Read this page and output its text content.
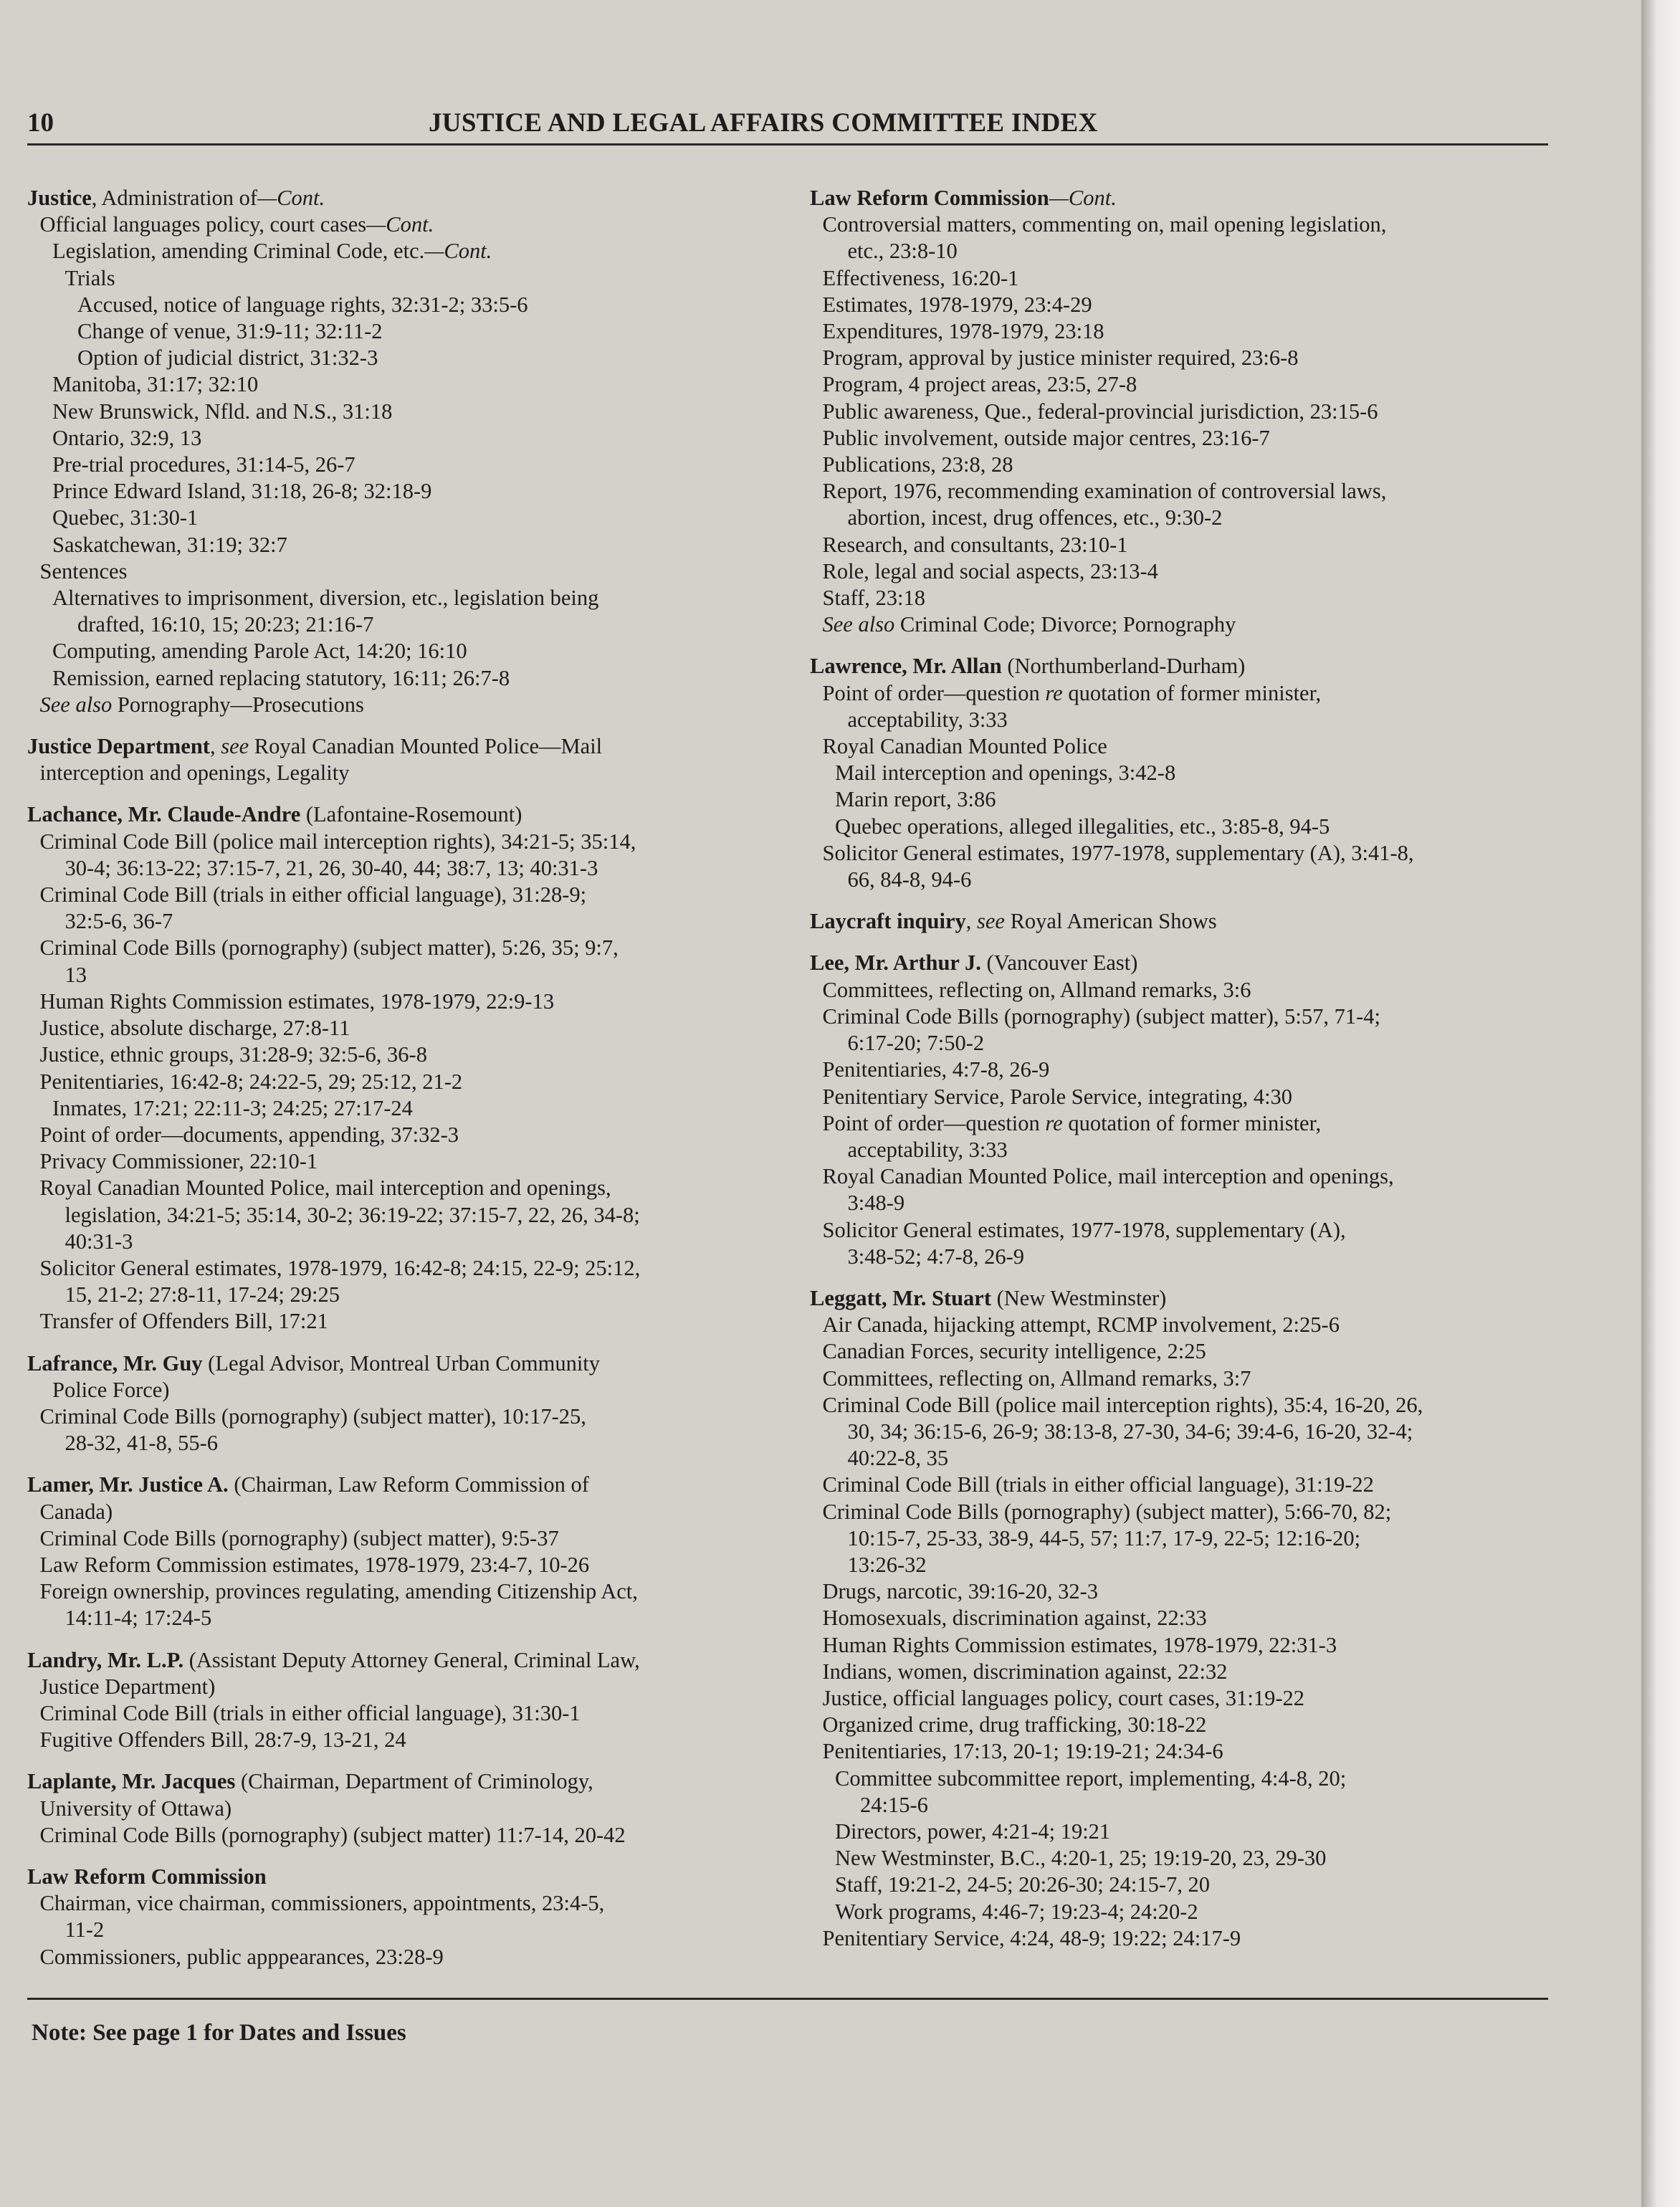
10	JUSTICE AND LEGAL AFFAIRS COMMITTEE INDEX
Justice, Administration of—Cont.
Official languages policy, court cases—Cont.
Legislation, amending Criminal Code, etc.—Cont.
Trials
Accused, notice of language rights, 32:31-2; 33:5-6
Change of venue, 31:9-11; 32:11-2
Option of judicial district, 31:32-3
Manitoba, 31:17; 32:10
New Brunswick, Nfld. and N.S., 31:18
Ontario, 32:9, 13
Pre-trial procedures, 31:14-5, 26-7
Prince Edward Island, 31:18, 26-8; 32:18-9
Quebec, 31:30-1
Saskatchewan, 31:19; 32:7
Sentences
Alternatives to imprisonment, diversion, etc., legislation being
drafted, 16:10, 15; 20:23; 21:16-7
Computing, amending Parole Act, 14:20; 16:10
Remission, earned replacing statutory, 16:11; 26:7-8
See also Pornography—Prosecutions
Justice Department, see Royal Canadian Mounted Police—Mail
interception and openings, Legality
Lachance, Mr. Claude-Andre (Lafontaine-Rosemount)
Criminal Code Bill (police mail interception rights), 34:21-5; 35:14,
30-4; 36:13-22; 37:15-7, 21, 26, 30-40, 44; 38:7, 13; 40:31-3
Criminal Code Bill (trials in either official language), 31:28-9;
32:5-6, 36-7
Criminal Code Bills (pornography) (subject matter), 5:26, 35; 9:7,
13
Human Rights Commission estimates, 1978-1979, 22:9-13
Justice, absolute discharge, 27:8-11
Justice, ethnic groups, 31:28-9; 32:5-6, 36-8
Penitentiaries, 16:42-8; 24:22-5, 29; 25:12, 21-2
Inmates, 17:21; 22:11-3; 24:25; 27:17-24
Point of order—documents, appending, 37:32-3
Privacy Commissioner, 22:10-1
Royal Canadian Mounted Police, mail interception and openings,
legislation, 34:21-5; 35:14, 30-2; 36:19-22; 37:15-7, 22, 26, 34-8;
40:31-3
Solicitor General estimates, 1978-1979, 16:42-8; 24:15, 22-9; 25:12,
15, 21-2; 27:8-11, 17-24; 29:25
Transfer of Offenders Bill, 17:21
Lafrance, Mr. Guy (Legal Advisor, Montreal Urban Community
Police Force)
Criminal Code Bills (pornography) (subject matter), 10:17-25,
28-32, 41-8, 55-6
Lamer, Mr. Justice A. (Chairman, Law Reform Commission of
Canada)
Criminal Code Bills (pornography) (subject matter), 9:5-37
Law Reform Commission estimates, 1978-1979, 23:4-7, 10-26
Foreign ownership, provinces regulating, amending Citizenship Act,
14:11-4; 17:24-5
Landry, Mr. L.P. (Assistant Deputy Attorney General, Criminal Law,
Justice Department)
Criminal Code Bill (trials in either official language), 31:30-1
Fugitive Offenders Bill, 28:7-9, 13-21, 24
Laplante, Mr. Jacques (Chairman, Department of Criminology,
University of Ottawa)
Criminal Code Bills (pornography) (subject matter) 11:7-14, 20-42
Law Reform Commission
Chairman, vice chairman, commissioners, appointments, 23:4-5,
11-2
Commissioners, public apppearances, 23:28-9
Law Reform Commission—Cont.
Controversial matters, commenting on, mail opening legislation,
etc., 23:8-10
Effectiveness, 16:20-1
Estimates, 1978-1979, 23:4-29
Expenditures, 1978-1979, 23:18
Program, approval by justice minister required, 23:6-8
Program, 4 project areas, 23:5, 27-8
Public awareness, Que., federal-provincial jurisdiction, 23:15-6
Public involvement, outside major centres, 23:16-7
Publications, 23:8, 28
Report, 1976, recommending examination of controversial laws,
abortion, incest, drug offences, etc., 9:30-2
Research, and consultants, 23:10-1
Role, legal and social aspects, 23:13-4
Staff, 23:18
See also Criminal Code; Divorce; Pornography
Lawrence, Mr. Allan (Northumberland-Durham)
Point of order—question re quotation of former minister,
acceptability, 3:33
Royal Canadian Mounted Police
Mail interception and openings, 3:42-8
Marin report, 3:86
Quebec operations, alleged illegalities, etc., 3:85-8, 94-5
Solicitor General estimates, 1977-1978, supplementary (A), 3:41-8,
66, 84-8, 94-6
Laycraft inquiry, see Royal American Shows
Lee, Mr. Arthur J. (Vancouver East)
Committees, reflecting on, Allmand remarks, 3:6
Criminal Code Bills (pornography) (subject matter), 5:57, 71-4;
6:17-20; 7:50-2
Penitentiaries, 4:7-8, 26-9
Penitentiary Service, Parole Service, integrating, 4:30
Point of order—question re quotation of former minister,
acceptability, 3:33
Royal Canadian Mounted Police, mail interception and openings,
3:48-9
Solicitor General estimates, 1977-1978, supplementary (A),
3:48-52; 4:7-8, 26-9
Leggatt, Mr. Stuart (New Westminster)
Air Canada, hijacking attempt, RCMP involvement, 2:25-6
Canadian Forces, security intelligence, 2:25
Committees, reflecting on, Allmand remarks, 3:7
Criminal Code Bill (police mail interception rights), 35:4, 16-20, 26,
30, 34; 36:15-6, 26-9; 38:13-8, 27-30, 34-6; 39:4-6, 16-20, 32-4;
40:22-8, 35
Criminal Code Bill (trials in either official language), 31:19-22
Criminal Code Bills (pornography) (subject matter), 5:66-70, 82;
10:15-7, 25-33, 38-9, 44-5, 57; 11:7, 17-9, 22-5; 12:16-20;
13:26-32
Drugs, narcotic, 39:16-20, 32-3
Homosexuals, discrimination against, 22:33
Human Rights Commission estimates, 1978-1979, 22:31-3
Indians, women, discrimination against, 22:32
Justice, official languages policy, court cases, 31:19-22
Organized crime, drug trafficking, 30:18-22
Penitentiaries, 17:13, 20-1; 19:19-21; 24:34-6
Committee subcommittee report, implementing, 4:4-8, 20;
24:15-6
Directors, power, 4:21-4; 19:21
New Westminster, B.C., 4:20-1, 25; 19:19-20, 23, 29-30
Staff, 19:21-2, 24-5; 20:26-30; 24:15-7, 20
Work programs, 4:46-7; 19:23-4; 24:20-2
Penitentiary Service, 4:24, 48-9; 19:22; 24:17-9
Note: See page 1 for Dates and Issues
